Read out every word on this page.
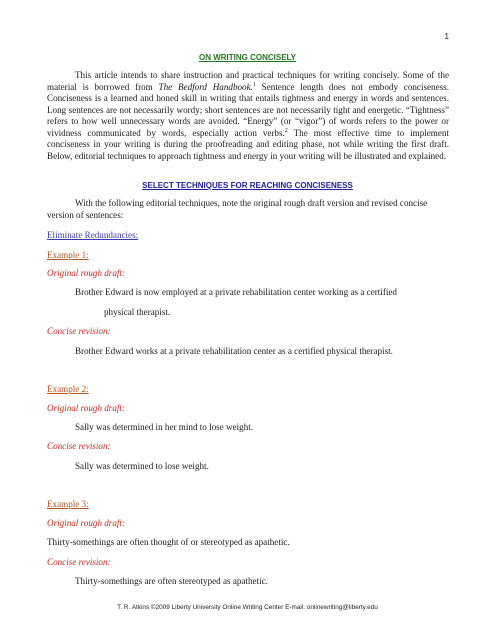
1
ON WRITING CONCISELY

This article intends to share instruction and practical techniques for writing concisely. Some of the material is borrowed from The Bedford Handbook.$^1$ Sentence length does not embody conciseness. Conciseness is a learned and honed skill in writing that entails tightness and energy in words and sentences. Long sentences are not necessarily wordy; short sentences are not necessarily tight and energetic. “Tightness” refers to how well unnecessary words are avoided. “Energy” (or “vigor”) of words refers to the power or vividness communicated by words, especially action verbs.$^2$ The most effective time to implement conciseness in your writing is during the proofreading and editing phase, not while writing the first draft. Below, editorial techniques to approach tightness and energy in your writing will be illustrated and explained.

SELECT TECHNIQUES FOR REACHING CONCISENESS

With the following editorial techniques, note the original rough draft version and revised concise version of sentences:

Eliminate Redundancies:
Example 1:
Original rough draft:
Brother Edward is now employed at a private rehabilitation center working as a certified
physical therapist.
Concise revision:
Brother Edward works at a private rehabilitation center as a certified physical therapist.
Example 2:
Original rough draft:
Sally was determined in her mind to lose weight.
Concise revision:
Sally was determined to lose weight.
Example 3:
Original rough draft:
Thirty-somethings are often thought of or stereotyped as apathetic.
Concise revision:
Thirty-somethings are often stereotyped as apathetic.
T. R. Atkins ©2009 Liberty University Online Writing Center E-mail: onlinewriting@liberty.edu
